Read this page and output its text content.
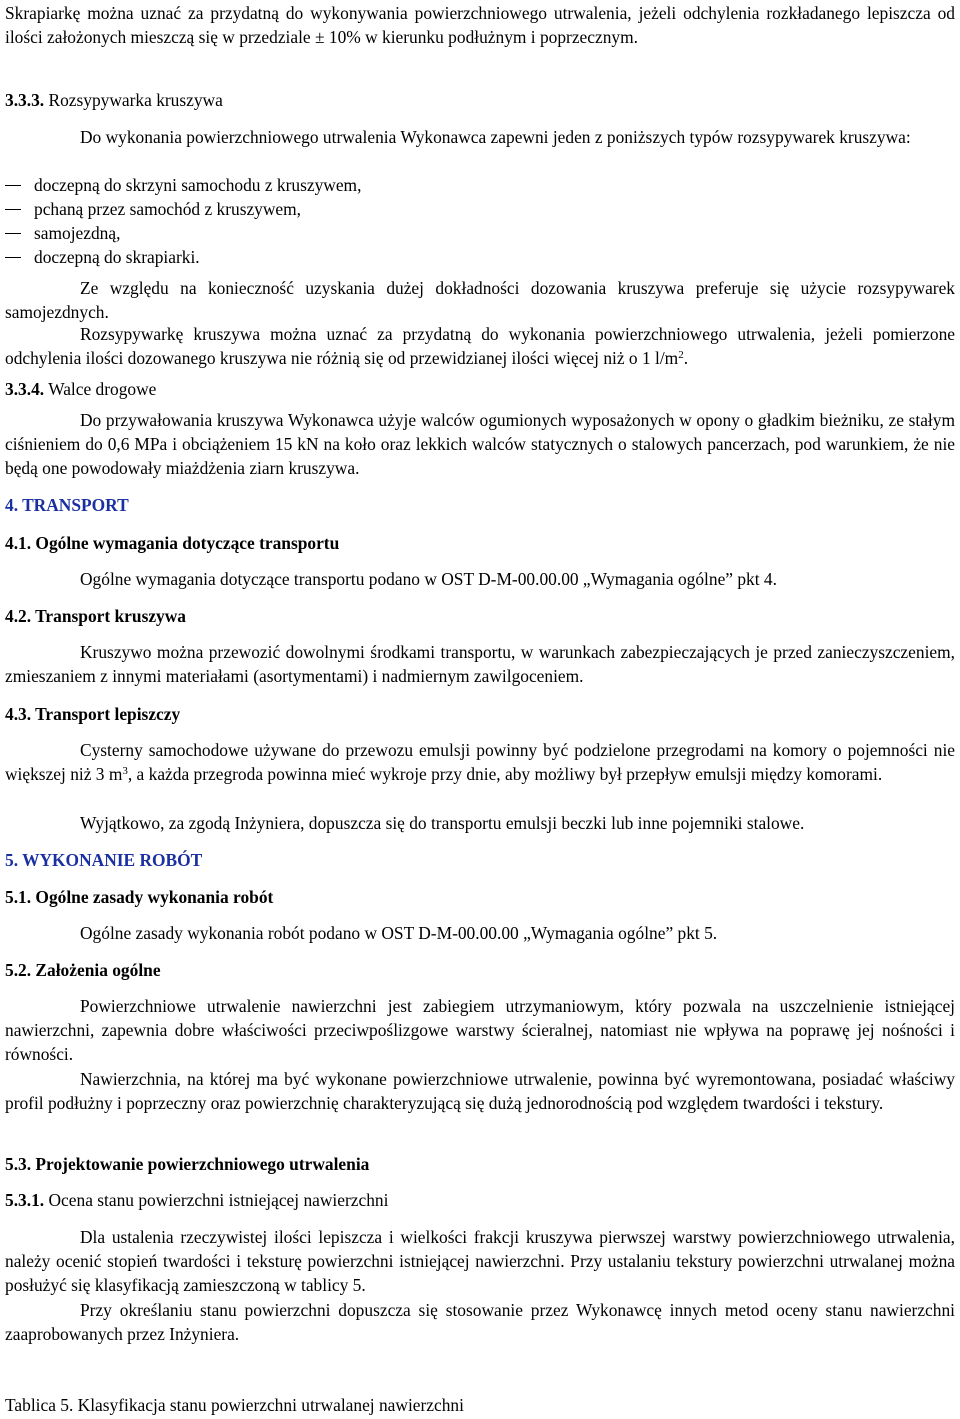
Skrapiarkę można uznać za przydatną do wykonywania powierzchniowego utrwalenia, jeżeli odchylenia rozkładanego lepiszcza od ilości założonych mieszczą się w przedziale ± 10% w kierunku podłużnym i poprzecznym.

3.3.3. Rozsypywarka kruszywa

Do wykonania powierzchniowego utrwalenia Wykonawca zapewni jeden z poniższych typów rozsypywarek kruszywa:

doczepną do skrzyni samochodu z kruszywem,
pchaną przez samochód z kruszywem,
samojezdną,
doczepną do skrapiarki.

Ze względu na konieczność uzyskania dużej dokładności dozowania kruszywa preferuje się użycie rozsypywarek samojezdnych.

Rozsypywarkę kruszywa można uznać za przydatną do wykonania powierzchniowego utrwalenia, jeżeli pomierzone odchylenia ilości dozowanego kruszywa nie różnią się od przewidzianej ilości więcej niż o 1 $l/m^2$.

3.3.4. Walce drogowe

Do przywałowania kruszywa Wykonawca użyje walców ogumionych wyposażonych w opony o gładkim bieżniku, ze stałym ciśnieniem do 0,6 MPa i obciążeniem 15 kN na koło oraz lekkich walców statycznych o stalowych pancerzach, pod warunkiem, że nie będą one powodowały miażdżenia ziarn kruszywa.

4. TRANSPORT
4.1. Ogólne wymagania dotyczące transportu

Ogólne wymagania dotyczące transportu podano w OST D-M-00.00.00 „Wymagania ogólne” pkt 4.

4.2. Transport kruszywa

Kruszywo można przewozić dowolnymi środkami transportu, w warunkach zabezpieczających je przed zanieczyszczeniem, zmieszaniem z innymi materiałami (asortymentami) i nadmiernym zawilgoceniem.

4.3. Transport lepiszczy

Cysterny samochodowe używane do przewozu emulsji powinny być podzielone przegrodami na komory o pojemności nie większej niż 3 $m^3$, a każda przegroda powinna mieć wykroje przy dnie, aby możliwy był przepływ emulsji między komorami.

Wyjątkowo, za zgodą Inżyniera, dopuszcza się do transportu emulsji beczki lub inne pojemniki stalowe.

5. WYKONANIE ROBÓT
5.1. Ogólne zasady wykonania robót

Ogólne zasady wykonania robót podano w OST D-M-00.00.00 „Wymagania ogólne” pkt 5.

5.2. Założenia ogólne

Powierzchniowe utrwalenie nawierzchni jest zabiegiem utrzymaniowym, który pozwala na uszczelnienie istniejącej nawierzchni, zapewnia dobre właściwości przeciwpoślizgowe warstwy ścieralnej, natomiast nie wpływa na poprawę jej nośności i równości.

Nawierzchnia, na której ma być wykonane powierzchniowe utrwalenie, powinna być wyremontowana, posiadać właściwy profil podłużny i poprzeczny oraz powierzchnię charakteryzującą się dużą jednorodnością pod względem twardości i tekstury.

5.3. Projektowanie powierzchniowego utrwalenia
5.3.1. Ocena stanu powierzchni istniejącej nawierzchni

Dla ustalenia rzeczywistej ilości lepiszcza i wielkości frakcji kruszywa pierwszej warstwy powierzchniowego utrwalenia, należy ocenić stopień twardości i teksturę powierzchni istniejącej nawierzchni. Przy ustalaniu tekstury powierzchni utrwalanej można posłużyć się klasyfikacją zamieszczoną w tablicy 5.

Przy określaniu stanu powierzchni dopuszcza się stosowanie przez Wykonawcę innych metod oceny stanu nawierzchni zaaprobowanych przez Inżyniera.

Tablica 5. Klasyfikacja stanu powierzchni utrwalanej nawierzchni
